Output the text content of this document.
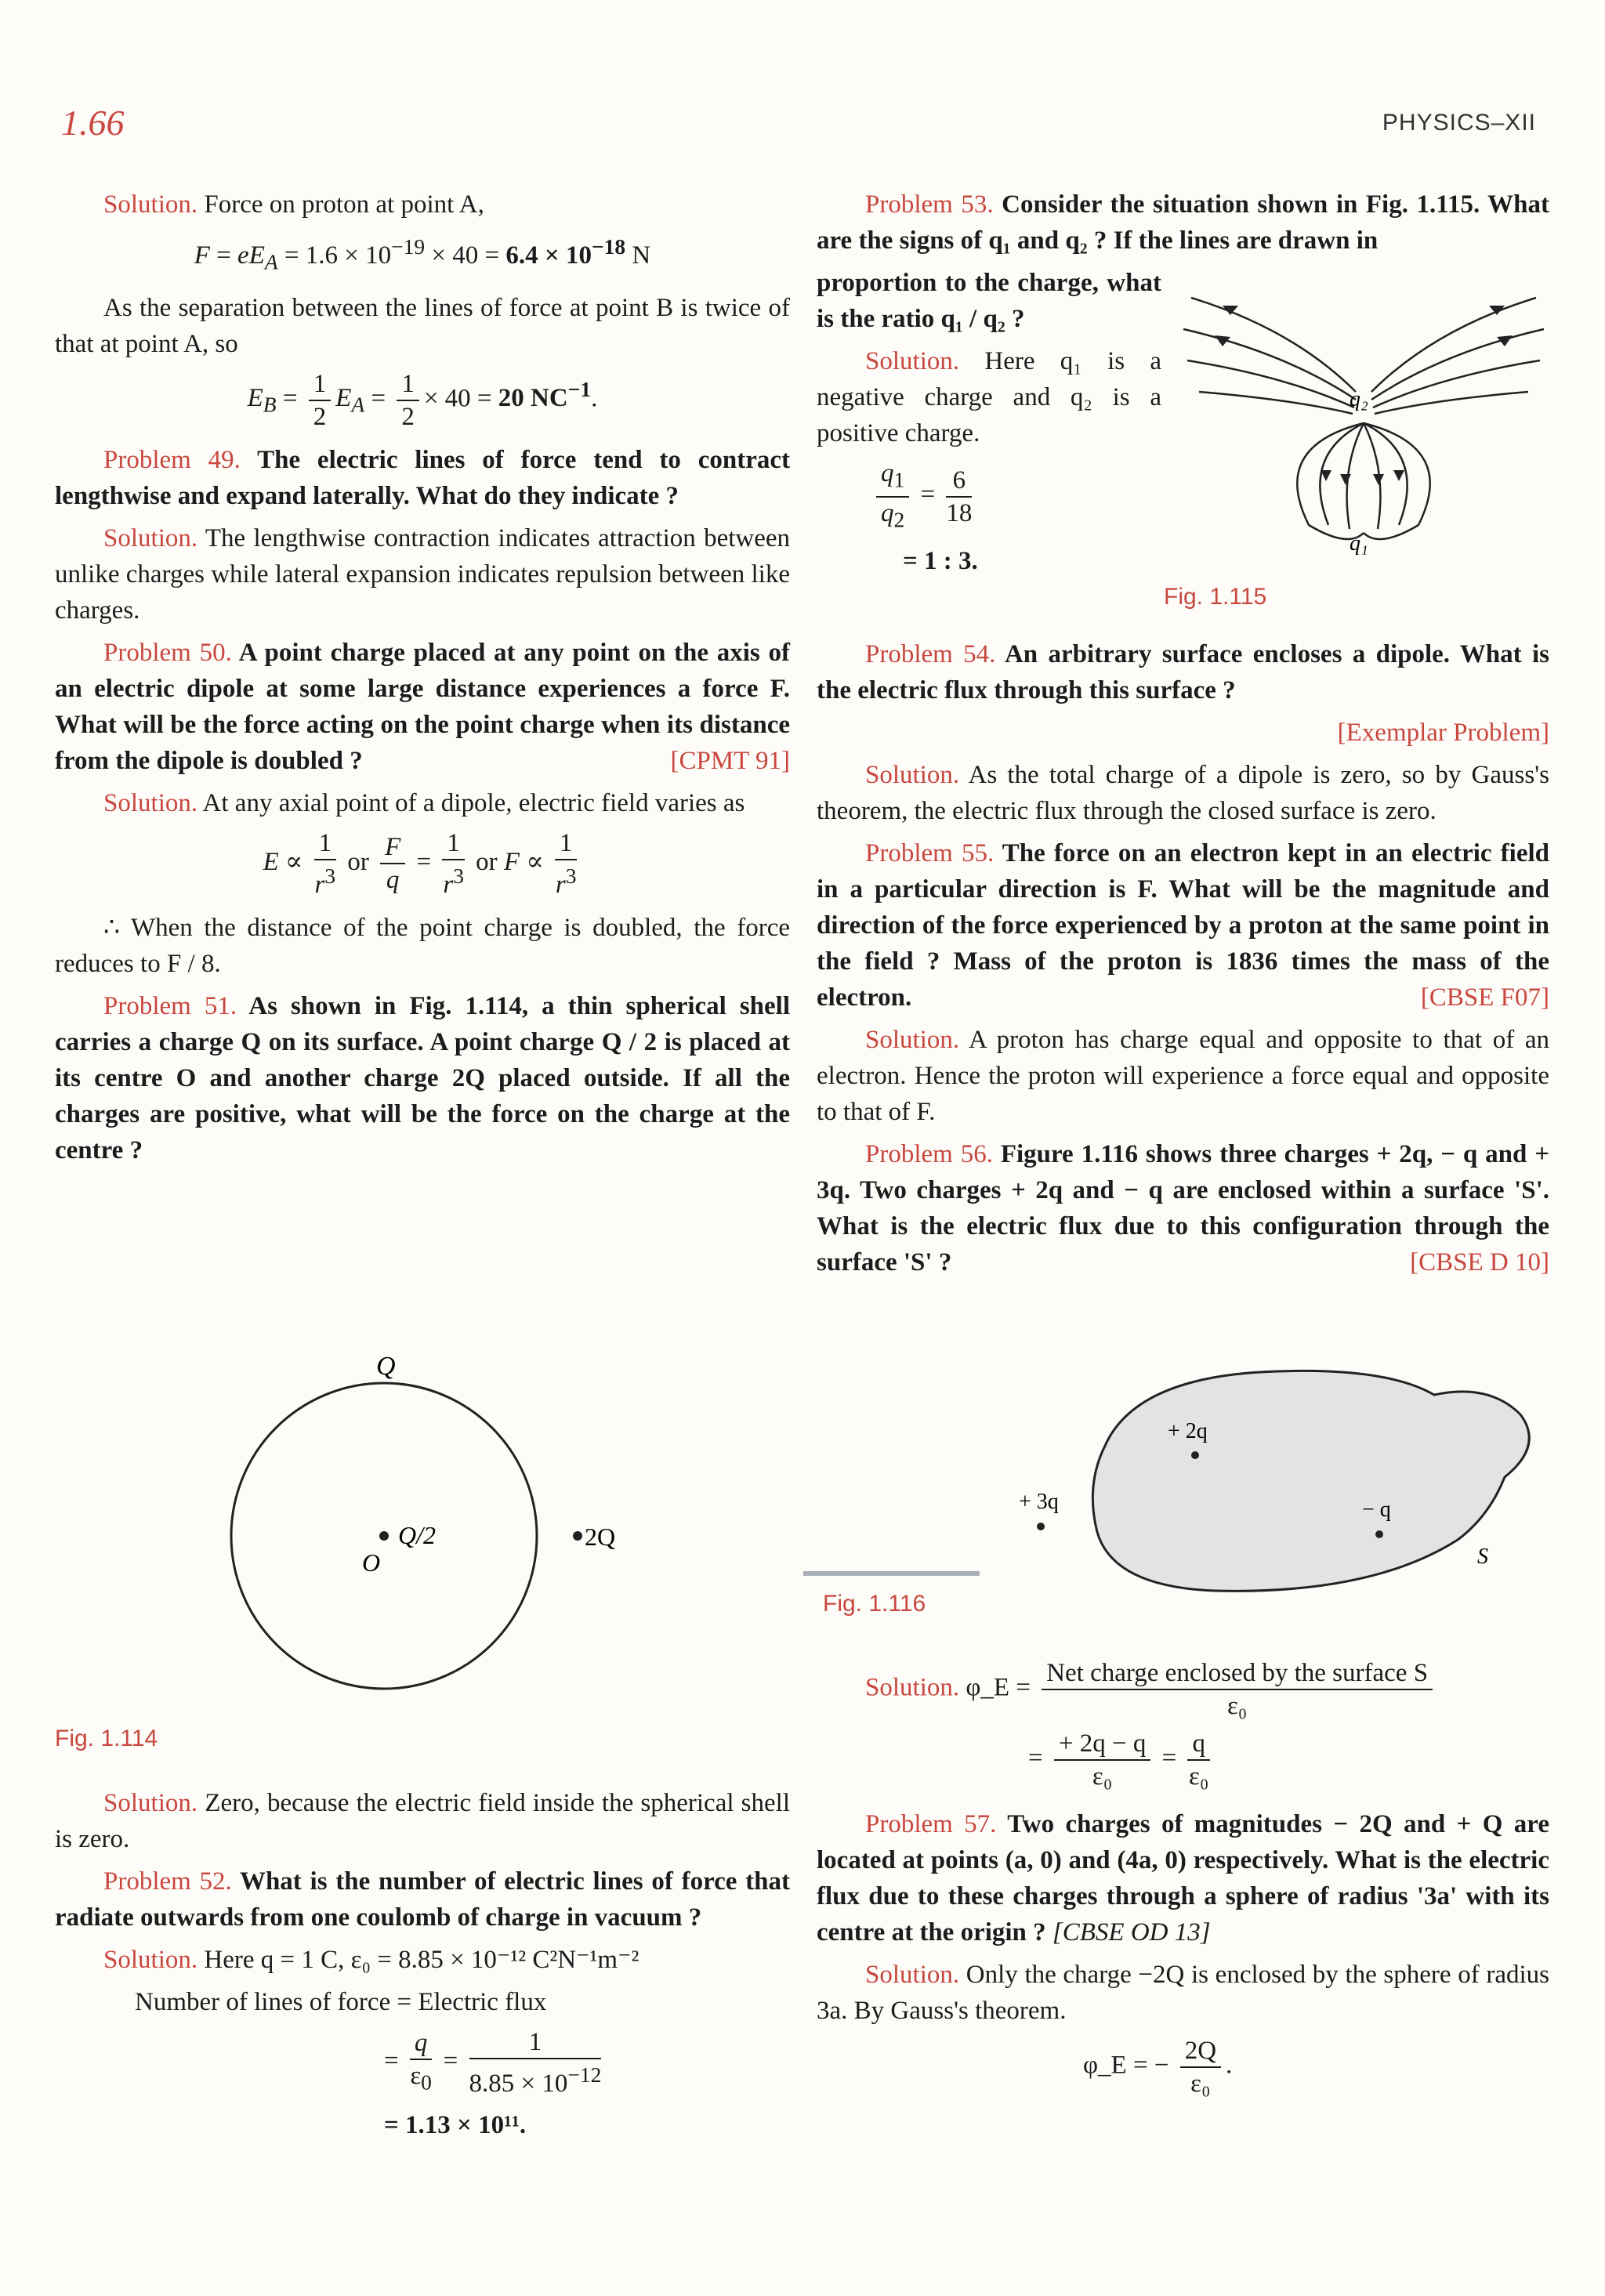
1.66	PHYSICS–XII

Solution. Force on proton at point A,

$F = eE_A = 1.6 \times 10^{-19} \times 40 = 6.4 \times 10^{-18}$ N

As the separation between the lines of force at point B is twice of that at point A, so

$E_B = \frac{1}{2} E_A = \frac{1}{2} \times 40 = 20$ $NC^{-1}$.

Problem 49. The electric lines of force tend to contract lengthwise and expand laterally. What do they indicate ?

Solution. The lengthwise contraction indicates attraction between unlike charges while lateral expansion indicates repulsion between like charges.

Problem 50. A point charge placed at any point on the axis of an electric dipole at some large distance experiences a force F. What will be the force acting on the point charge when its distance from the dipole is doubled ?	[CPMT 91]

Solution. At any axial point of a dipole, electric field varies as

$E \propto \frac{1}{r^3}$ or $\frac{F}{q} = \frac{1}{r^3}$ or $F \propto \frac{1}{r^3}$

∴ When the distance of the point charge is doubled, the force reduces to F / 8.

Problem 51. As shown in Fig. 1.114, a thin spherical shell carries a charge Q on its surface. A point charge Q / 2 is placed at its centre O and another charge 2Q placed outside. If all the charges are positive, what will be the force on the charge at the centre ?

Q
Q/2
O
2Q
Fig. 1.114

Solution. Zero, because the electric field inside the spherical shell is zero.

Problem 52. What is the number of electric lines of force that radiate outwards from one coulomb of charge in vacuum ?

Solution. Here q = 1 C, ε₀ = 8.85 × 10⁻¹² C²N⁻¹m⁻²

Number of lines of force = Electric flux

= $\frac{q}{\varepsilon_0} = \frac{1}{8.85 \times 10^{-12}}$

= 1.13 × 10¹¹.

Problem 53. Consider the situation shown in Fig. 1.115. What are the signs of q₁ and q₂ ? If the lines are drawn in

proportion to the charge, what is the ratio q₁ / q₂ ?

Solution. Here q₁ is a negative charge and q₂ is a positive charge.

$\frac{q_1}{q_2} = \frac{6}{18}$

= 1 : 3.

q₂
q₁
Fig. 1.115

Problem 54. An arbitrary surface encloses a dipole. What is the electric flux through this surface ?

[Exemplar Problem]

Solution. As the total charge of a dipole is zero, so by Gauss's theorem, the electric flux through the closed surface is zero.

Problem 55. The force on an electron kept in an electric field in a particular direction is F. What will be the magnitude and direction of the force experienced by a proton at the same point in the field ? Mass of the proton is 1836 times the mass of the electron.	[CBSE F07]

Solution. A proton has charge equal and opposite to that of an electron. Hence the proton will experience a force equal and opposite to that of F.

Problem 56. Figure 1.116 shows three charges + 2q, − q and + 3q. Two charges + 2q and − q are enclosed within a surface 'S'. What is the electric flux due to this configuration through the surface 'S' ?	[CBSE D 10]

+ 2q
+ 3q	− q
S
Fig. 1.116

Solution. φ_E = $\frac{\text{Net charge enclosed by the surface S}}{\text{ε₀}}$

= $\frac{+ 2q - q}{\text{ε₀}} = \frac{q}{\text{ε₀}}$

Problem 57. Two charges of magnitudes − 2Q and + Q are located at points (a, 0) and (4a, 0) respectively. What is the electric flux due to these charges through a sphere of radius '3a' with its centre at the origin ? [CBSE OD 13]

Solution. Only the charge −2Q is enclosed by the sphere of radius 3a. By Gauss's theorem.

φ_E = − $\frac{2Q}{\text{ε₀}}$ .
